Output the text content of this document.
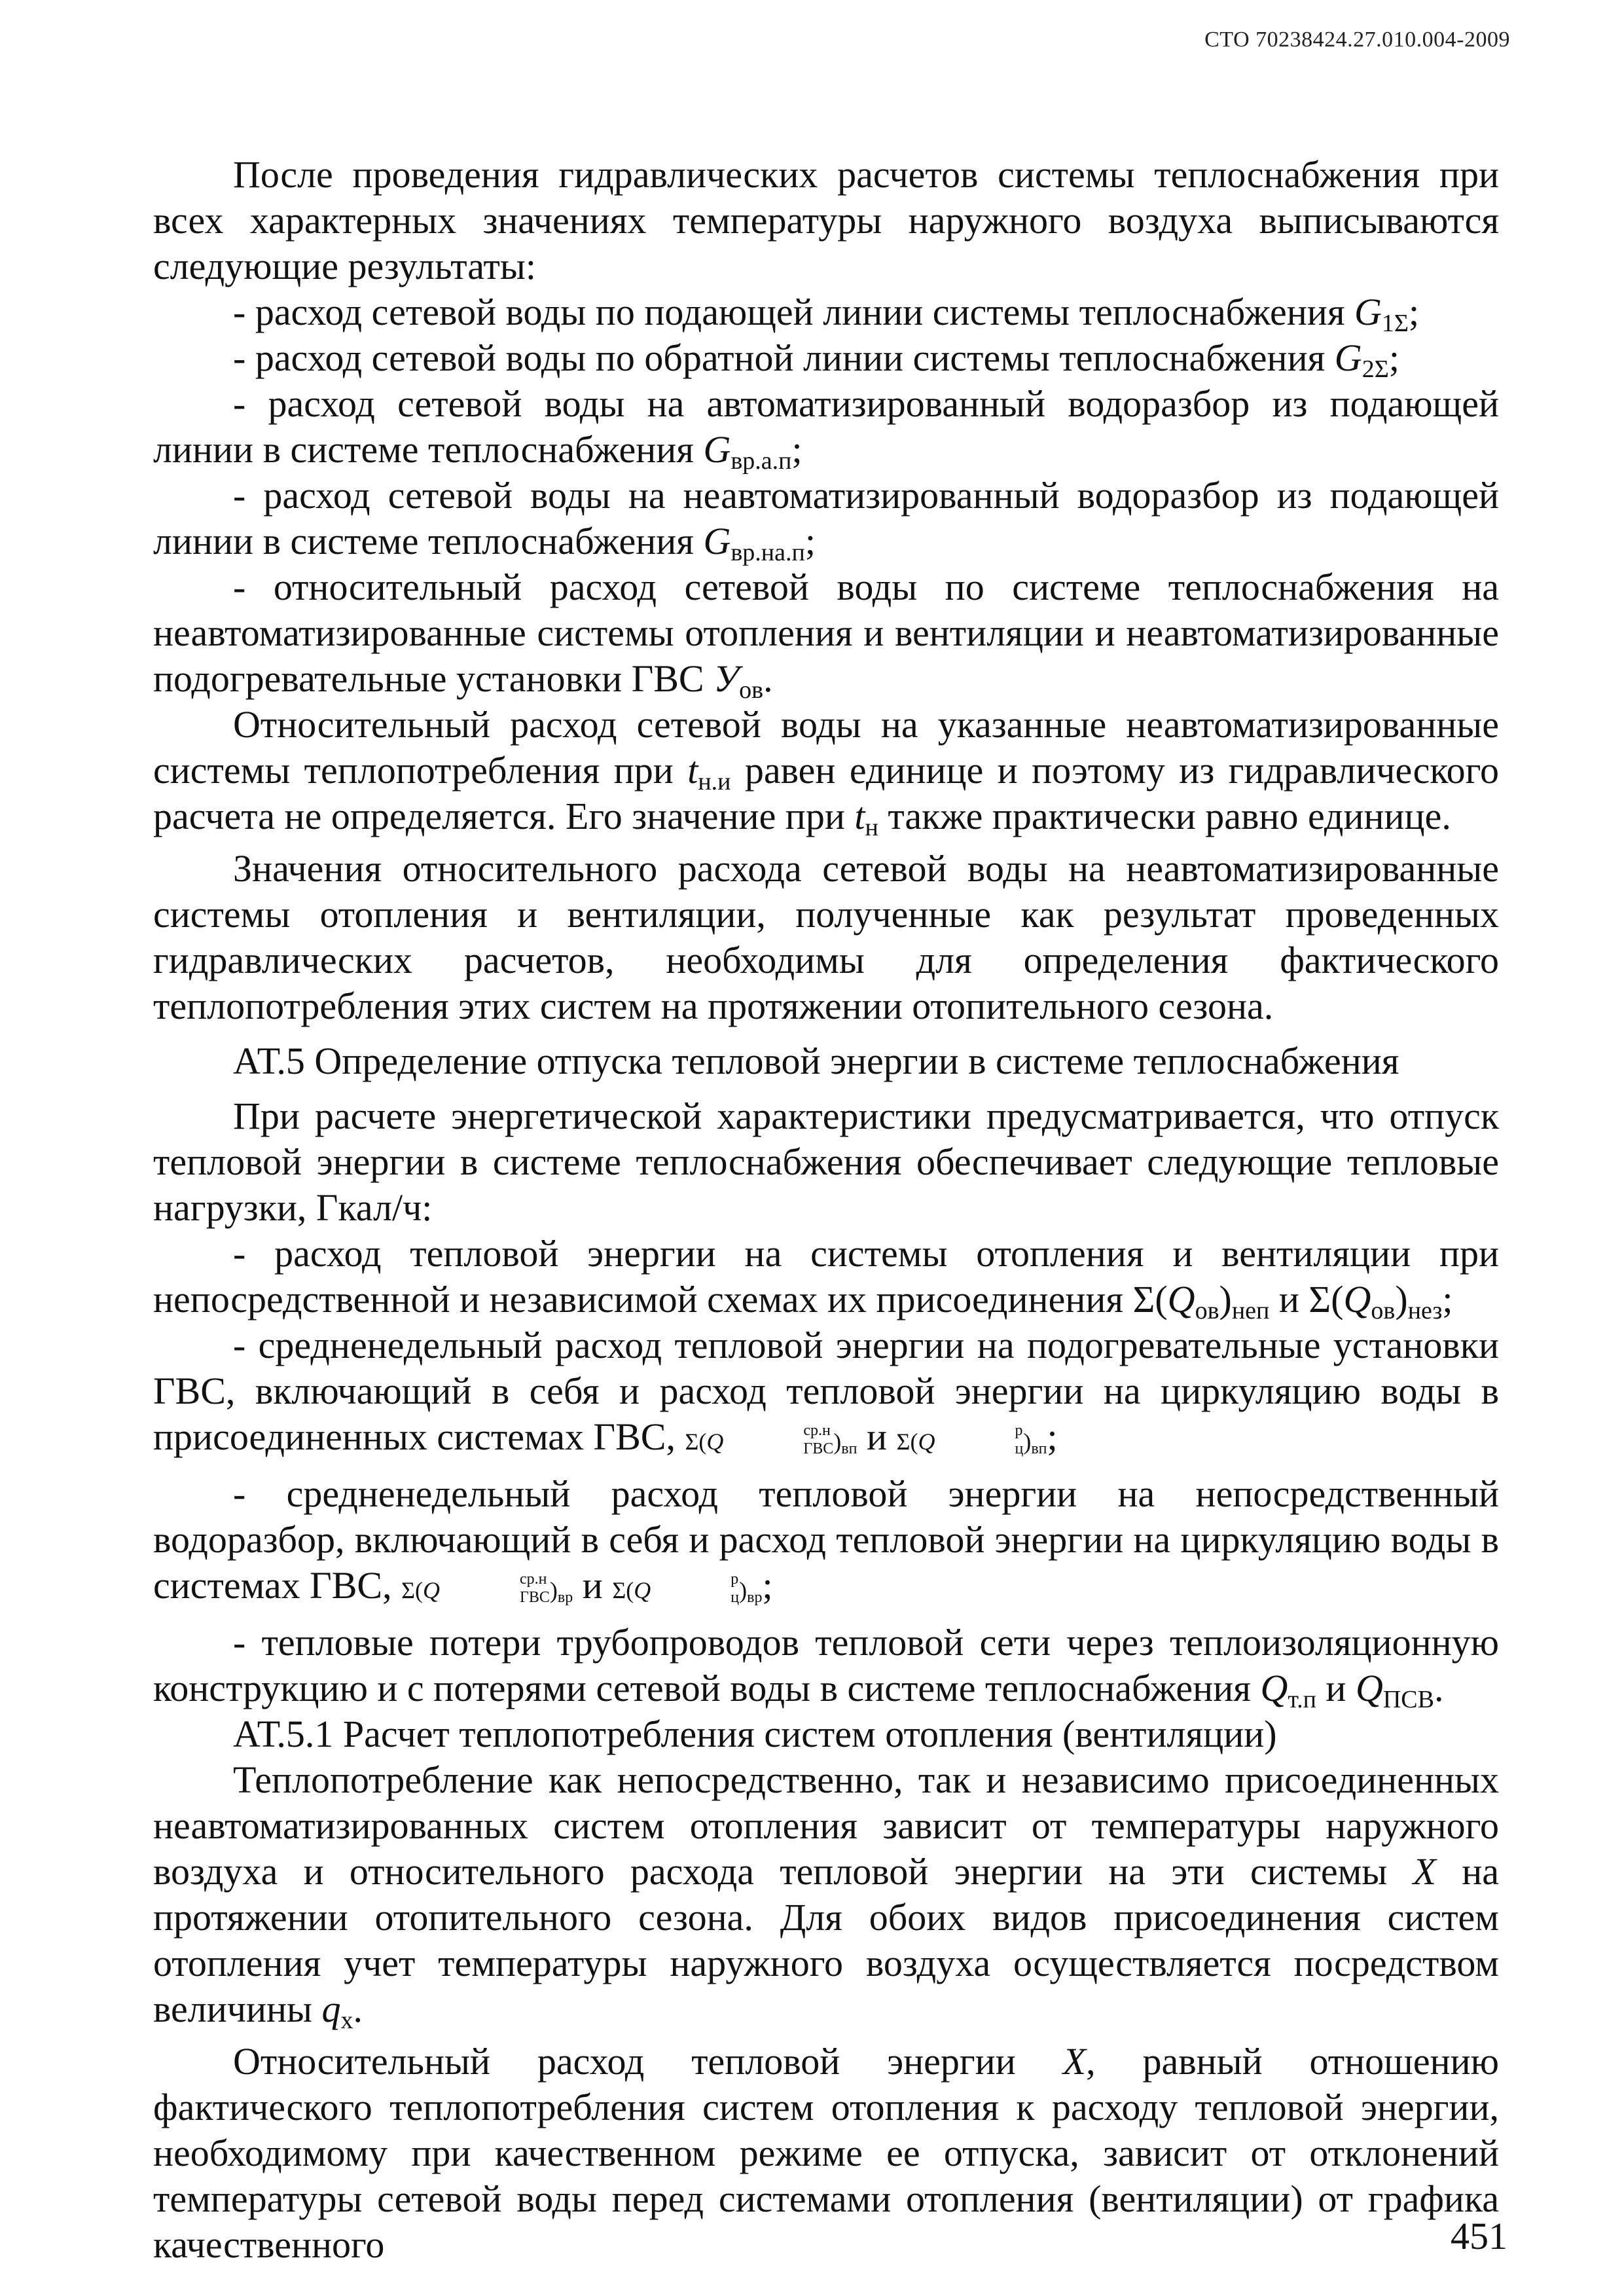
СТО 70238424.27.010.004-2009

После проведения гидравлических расчетов системы теплоснабжения при всех характерных значениях температуры наружного воздуха выписываются следующие результаты:

- расход сетевой воды по подающей линии системы теплоснабжения $G_{1\Sigma}$;

- расход сетевой воды по обратной линии системы теплоснабжения $G_{2\Sigma}$;

- расход сетевой воды на автоматизированный водоразбор из подающей линии в системе теплоснабжения $G_{вр.а.п}$;

- расход сетевой воды на неавтоматизированный водоразбор из подающей линии в системе теплоснабжения $G_{вр.на.п}$;

- относительный расход сетевой воды по системе теплоснабжения на неавтоматизированные системы отопления и вентиляции и неавтоматизированные подогревательные установки ГВС $У_{ов}$.

Относительный расход сетевой воды на указанные неавтоматизированные системы теплопотребления при $t_{н.и}$ равен единице и поэтому из гидравлического расчета не определяется. Его значение при $t_н$ также практически равно единице.

Значения относительного расхода сетевой воды на неавтоматизированные системы отопления и вентиляции, полученные как результат проведенных гидравлических расчетов, необходимы для определения фактического теплопотребления этих систем на протяжении отопительного сезона.

АТ.5 Определение отпуска тепловой энергии в системе теплоснабжения

При расчете энергетической характеристики предусматривается, что отпуск тепловой энергии в системе теплоснабжения обеспечивает следующие тепловые нагрузки, Гкал/ч:

- расход тепловой энергии на системы отопления и вентиляции при непосредственной и независимой схемах их присоединения $\Sigma(Q_{ов})_{неп}$ и $\Sigma(Q_{ов})_{нез}$;

- средненедельный расход тепловой энергии на подогревательные установки ГВС, включающий в себя и расход тепловой энергии на циркуляцию воды в присоединенных системах ГВС, Σ(Q	ср.н
$ГВС)_{вп}$ и Σ(Q	р
$ц)_{вп}$;

- средненедельный расход тепловой энергии на непосредственный водоразбор, включающий в себя и расход тепловой энергии на циркуляцию воды в системах ГВС, Σ(Q	ср.н
$ГВС)_{вр}$ и Σ(Q	р
$ц)_{вр}$;

- тепловые потери трубопроводов тепловой сети через теплоизоляционную конструкцию и с потерями сетевой воды в системе теплоснабжения $Q_{т.п}$ и $Q_{ПСВ}$.

АТ.5.1 Расчет теплопотребления систем отопления (вентиляции)

Теплопотребление как непосредственно, так и независимо присоединенных неавтоматизированных систем отопления зависит от температуры наружного воздуха и относительного расхода тепловой энергии на эти системы X на протяжении отопительного сезона. Для обоих видов присоединения систем отопления учет температуры наружного воздуха осуществляется посредством величины $q_x$.

Относительный расход тепловой энергии X, равный отношению фактического теплопотребления систем отопления к расходу тепловой энергии, необходимому при качественном режиме ее отпуска, зависит от отклонений температуры сетевой воды перед системами отопления (вентиляции) от графика качественного	451
